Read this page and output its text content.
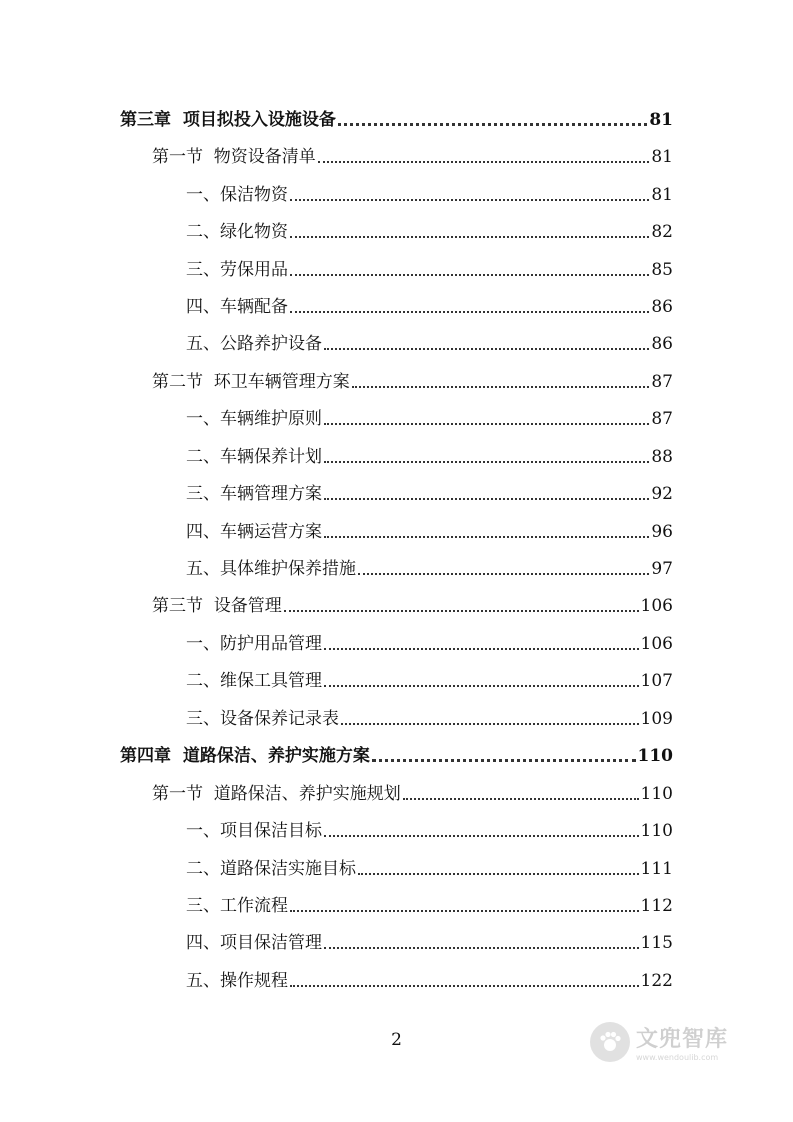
第三章  项目拟投入设施设备	81
第一节  物资设备清单	81
一、保洁物资	81
二、绿化物资	82
三、劳保用品	85
四、车辆配备	86
五、公路养护设备	86
第二节  环卫车辆管理方案	87
一、车辆维护原则	87
二、车辆保养计划	88
三、车辆管理方案	92
四、车辆运营方案	96
五、具体维护保养措施	97
第三节  设备管理	106
一、防护用品管理	106
二、维保工具管理	107
三、设备保养记录表	109
第四章  道路保洁、养护实施方案	110
第一节  道路保洁、养护实施规划	110
一、项目保洁目标	110
二、道路保洁实施目标	111
三、工作流程	112
四、项目保洁管理	115
五、操作规程	122
2	文兜智库
www.wendoulib.com
